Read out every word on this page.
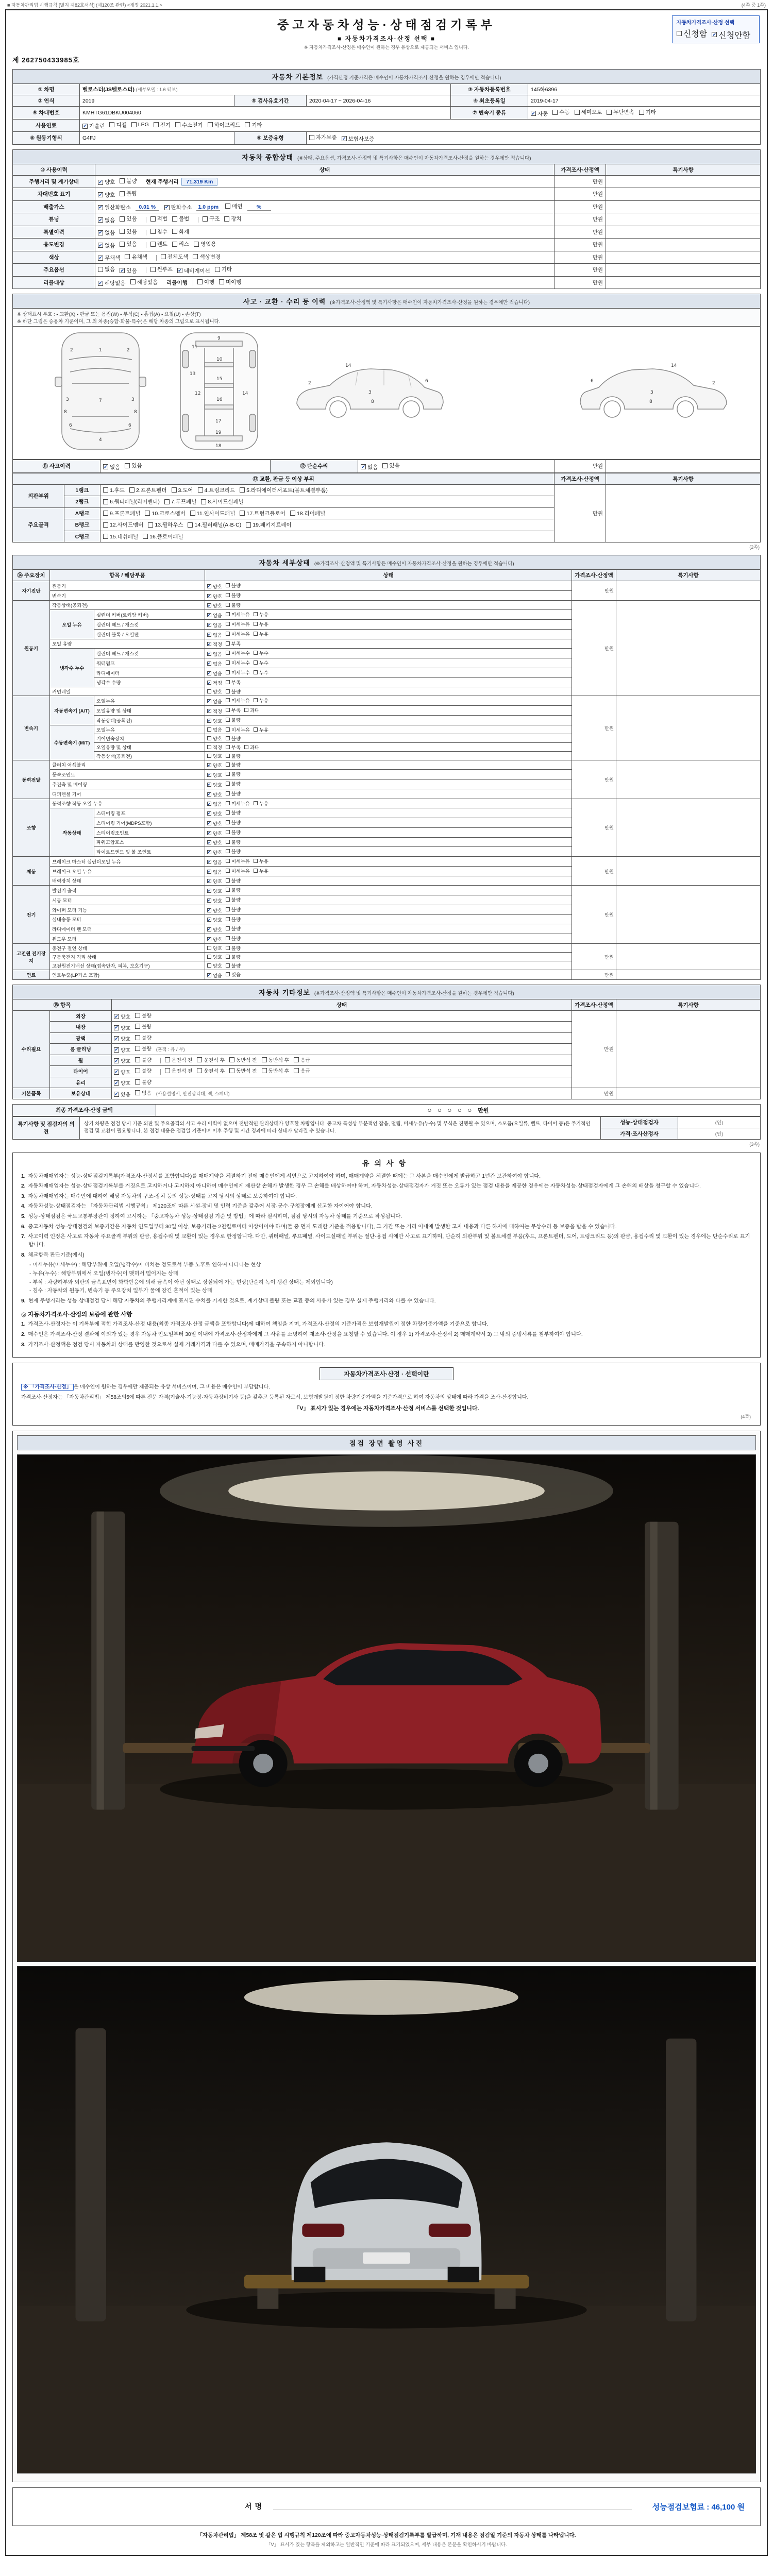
■ 자동차관리법 시행규칙 [별지 제82호서식] (제120조 관련) <개정 2021.1.1.>	(4쪽 중 1쪽)
중고자동차성능·상태점검기록부
■ 자동차가격조사·산정 선택 ■
※ 자동차가격조사·산정은 매수인이 원하는 경우 유상으로 제공되는 서비스 입니다.
자동차가격조사·산정 선택
신청함 ✔ 신청안함
제 262750433985호
자동차 기본정보 (가격산정 기준가격은 매수인이 자동차가격조사·산정을 원하는 경우에만 적습니다)
① 차명	벨로스터(JS벨로스터) (세부모델 : 1.6 터보)			③ 자동차등록번호	145하6396
② 연식	2019	⑤ 검사유효기간	2020-04-17 ~ 2026-04-16	④ 최초등록일	2019-04-17
⑥ 차대번호	KMHTG61DBKU004060	⑦ 변속기 종류	✔ 자동 수동 세미오토 무단변속 기타

사용연료	✔ 가솔린 디젤 LPG 전기 수소전기 하이브리드 기타

⑧ 원동기형식	G4FJ	⑨ 보증유형	자가보증 ✔ 보험사보증		
자동차 종합상태 (※상태, 주요옵션, 가격조사·산정액 및 특기사항은 매수인이 자동차가격조사·산정을 원하는 경우에만 적습니다)
⑩ 사용이력	상태	가격조사·산정액	특기사항
주행거리 및 계기상태	✔ 양호 불량 현재 주행거리 71,319 Km	만원	
차대번호 표기	✔ 양호 불량	만원	
배출가스	✔ 일산화탄소 0.01 % ✔ 탄화수소 1.0 ppm 매연	%	만원	
튜닝	✔ 없음 있음	적법 불법	구조 장치	만원	
특별이력	✔ 없음 있음 침수 화재	만원	
용도변경	✔ 없음 있음	렌트 리스 영업용	만원	
색상	✔ 무채색 유채색 전체도색 색상변경	만원	
주요옵션	없음 ✔ 있음	썬루프 ✔ 네비게이션 기타	만원	
리콜대상	✔ 해당없음 해당있음 리콜이행	이행 미이행	만원	
사고 · 교환 · 수리 등 이력 (※가격조사·산정액 및 특기사항은 매수인이 자동차가격조사·산정을 원하는 경우에만 적습니다)
※ 상태표시 부호 : ▪ 교환(X) ▪ 판금 또는 용접(W) ▪ 부식(C) ▪ 흠집(A) ▪ 요철(U) ▪ 손상(T)
※ 하단 그림은 승용차 기준이며, 그 외 차종(승합·화물·특수)은 해당 차종의 그림으로 표시됩니다.
1
2	2
3	3
7
6	6
4
8	8
9
10
11
12
13
14
15
16
17
18
19
3
14
8
2	6
3
14
8
2
6
⑪ 사고이력	✔ 없음 있음	⑫ 단순수리	✔ 없음 있음	만원	
⑬ 교환, 판금 등 이상 부위			가격조사·산정액	특기사항
외판부위	1랭크	1.후드 2.프론트펜더 3.도어 4.트렁크리드 5.라디에이터서포트(볼트체결부품)	만원	
	2랭크	6.쿼터패널(리어펜더) 7.루프패널 8.사이드실패널		

주요골격	A랭크	9.프론트패널 10.크로스멤버 11.인사이드패널 17.트렁크플로어 18.리어패널		

	B랭크	12.사이드멤버 13.휠하우스 14.필러패널(A·B·C) 19.패키지트레이		

	C랭크	15.대쉬패널 16.플로어패널		
(2쪽)
자동차 세부상태 (※가격조사·산정액 및 특기사항은 매수인이 자동차가격조사·산정을 원하는 경우에만 적습니다)
⑭ 주요장치	항목 / 해당부품		상태	가격조사·산정액	특기사항
자기진단	원동기		✔ 양호 불량	만원	
	변속기		✔ 양호 불량		

원동기	작동상태(공회전)		✔ 양호 불량	만원	
	오일 누유	실린더 커버(로커암 커버)	✔ 없음 미세누유 누유		

		실린더 헤드 / 개스킷	✔ 없음 미세누유 누유		

		실린더 블록 / 오일팬	✔ 없음 미세누유 누유		

	오일 유량		✔ 적정 부족		

	냉각수 누수	실린더 헤드 / 개스킷	✔ 없음 미세누수 누수		

		워터펌프	✔ 없음 미세누수 누수		

		라디에이터	✔ 없음 미세누수 누수		

		냉각수 수량	✔ 적정 부족		

	커먼레일		양호 불량		

변속기	자동변속기 (A/T)	오일누유	✔ 없음 미세누유 누유	만원	
		오일유량 및 상태	✔ 적정 부족 과다		

		작동상태(공회전)	✔ 양호 불량		

	수동변속기 (M/T)	오일누유	없음 미세누유 누유		

		기어변속장치	양호 불량		

		오일유량 및 상태	적정 부족 과다		

		작동상태(공회전)	양호 불량		

동력전달	클러치 어셈블리		✔ 양호 불량	만원	
	등속조인트		✔ 양호 불량		

	추진축 및 베어링		✔ 양호 불량		

	디퍼렌셜 기어		✔ 양호 불량		

조향	동력조향 작동 오일 누유		✔ 없음 미세누유 누유	만원	
	작동상태	스티어링 펌프	✔ 양호 불량		

		스티어링 기어(MDPS포함)	✔ 양호 불량		

		스티어링조인트	✔ 양호 불량		

		파워고압호스	✔ 양호 불량		

		타이로드엔드 및 볼 조인트	✔ 양호 불량		

제동	브레이크 마스터 실린더오일 누유		✔ 없음 미세누유 누유	만원	
	브레이크 오일 누유		✔ 없음 미세누유 누유		

	배력장치 상태		✔ 양호 불량		

전기	발전기 출력		✔ 양호 불량	만원	
	시동 모터		✔ 양호 불량		

	와이퍼 모터 기능		✔ 양호 불량		

	실내송풍 모터		✔ 양호 불량		

	라디에이터 팬 모터		✔ 양호 불량		

	윈도우 모터		✔ 양호 불량		

고전원 전기장치	충전구 절연 상태		양호 불량	만원	
	구동축전지 격리 상태		양호 불량		

	고전원전기배선 상태(접속단자, 피복, 보호기구)		양호 불량		

연료	연료누출(LP가스 포함)		✔ 없음 있음	만원	
자동차 기타정보 (※가격조사·산정액 및 특기사항은 매수인이 자동차가격조사·산정을 원하는 경우에만 적습니다)
⑮ 항목		상태	가격조사·산정액	특기사항
수리필요	외장	✔ 양호 불량	만원	
	내장	✔ 양호 불량		

	광택	✔ 양호 불량		

	룸 클리닝	✔ 양호 불량 (흔적 : 유 / 무)		
휠	✔ 양호 불량	운전석 전 운전석 후 동반석 전 동반석 후 응급

타이어	✔ 양호 불량	운전석 전 운전석 후 동반석 전 동반석 후 응급

	유리	✔ 양호 불량		

기본품목	보유상태	✔ 있음 없음 (사용설명서, 안전삼각대, 잭, 스패너)	만원	
최종 가격조사·산정 금액	○ ○ ○ ○ ○ 만원
특기사항 및 점검자의 의견	상기 차량은 점검 당시 기준 외판 및 주요골격의 사고 수리 이력이 없으며 전반적인 관리상태가 양호한 차량입니다. 중고차 특성상 부분적인 잡음, 떨림, 미세누유(누수) 및 부식은 진행될 수 있으며, 소모품(오일류, 벨트, 타이어 등)은 주기적인 점검 및 교환이 필요합니다. 본 점검 내용은 점검일 기준이며 이후 주행 및 시간 경과에 따라 상태가 달라질 수 있습니다.	성능·상태점검자	(인)
		가격·조사산정자	(인)
(3쪽)
유의사항

1. 자동차매매업자는 성능·상태점검기록부(가격조사·산정서를 포함합니다)를 매매계약을 체결하기 전에 매수인에게 서면으로 고지하여야 하며, 매매계약을 체결한 때에는 그 사본을 매수인에게 발급하고 1년간 보관하여야 합니다.

2. 자동차매매업자는 성능·상태점검기록부를 거짓으로 고지하거나 고지하지 아니하여 매수인에게 재산상 손해가 발생한 경우 그 손해를 배상하여야 하며, 자동차성능·상태점검자가 거짓 또는 오류가 있는 점검 내용을 제공한 경우에는 자동차성능·상태점검자에게 그 손해의 배상을 청구할 수 있습니다.

3. 자동차매매업자는 매수인에 대하여 해당 자동차의 구조·장치 등의 성능·상태를 고지 당시의 상태로 보증하여야 합니다.

4. 자동차성능·상태점검자는 「자동차관리법 시행규칙」 제120조에 따른 시설·장비 및 인력 기준을 갖추어 시장·군수·구청장에게 신고한 자이어야 합니다.

5. 성능·상태점검은 국토교통부장관이 정하여 고시하는 「중고자동차 성능·상태점검 기준 및 방법」에 따라 실시하며, 점검 당시의 자동차 상태를 기준으로 작성됩니다.

6. 중고자동차 성능·상태점검의 보증기간은 자동차 인도일부터 30일 이상, 보증거리는 2천킬로미터 이상이어야 하며(둘 중 먼저 도래한 기준을 적용합니다), 그 기간 또는 거리 이내에 발생한 고지 내용과 다른 하자에 대하여는 무상수리 등 보증을 받을 수 있습니다.

7. 사고이력 인정은 사고로 자동차 주요골격 부위의 판금, 용접수리 및 교환이 있는 경우로 한정합니다. 다만, 쿼터패널, 루프패널, 사이드실패널 부위는 절단·용접 시에만 사고로 표기하며, 단순히 외판부위 및 볼트체결 부품(후드, 프론트펜더, 도어, 트렁크리드 등)의 판금, 용접수리 및 교환이 있는 경우에는 단순수리로 표기합니다.

8. 체크항목 판단기준(예시)

- 미세누유(미세누수) : 해당부위에 오일(냉각수)이 비치는 정도로서 부품 노후로 인하여 나타나는 현상

- 누유(누수) : 해당부위에서 오일(냉각수)이 맺혀서 떨어지는 상태

- 부식 : 차량하부와 외판의 금속표면이 화학반응에 의해 금속이 아닌 상태로 상실되어 가는 현상(단순히 녹이 생긴 상태는 제외합니다)

- 침수 : 자동차의 원동기, 변속기 등 주요장치 일부가 물에 잠긴 흔적이 있는 상태

9. 현재 주행거리는 성능·상태점검 당시 해당 자동차의 주행거리계에 표시된 수치를 기재한 것으로, 계기상태 불량 또는 교환 등의 사유가 있는 경우 실제 주행거리와 다를 수 있습니다.

◎ 자동차가격조사·산정의 보증에 관한 사항

1. 가격조사·산정자는 이 기록부에 적힌 가격조사·산정 내용(최종 가격조사·산정 금액을 포함합니다)에 대하여 책임을 지며, 가격조사·산정의 기준가격은 보험개발원이 정한 차량기준가액을 기준으로 합니다.

2. 매수인은 가격조사·산정 결과에 이의가 있는 경우 자동차 인도일부터 30일 이내에 가격조사·산정자에게 그 사유를 소명하여 재조사·산정을 요청할 수 있습니다. 이 경우 1) 가격조사·산정서 2) 매매계약서 3) 그 밖의 증빙서류를 첨부하여야 합니다.

3. 가격조사·산정액은 점검 당시 자동차의 상태를 반영한 것으로서 실제 거래가격과 다를 수 있으며, 매매가격을 구속하지 아니합니다.

자동차가격조사·산정 · 선택이란

※ 「가격조사·산정」 은 매수인이 원하는 경우에만 제공되는 유상 서비스이며, 그 비용은 매수인이 부담합니다.

가격조사·산정자는 「자동차관리법」 제58조의5에 따른 전문 자격(기술사·기능장·자동차정비기사 등)을 갖추고 등록된 자로서, 보험개발원이 정한 차량기준가액을 기준가격으로 하여 자동차의 상태에 따라 가격을 조사·산정합니다.

「V」 표시가 있는 경우에는 자동차가격조사·산정 서비스를 선택한 것입니다.
(4쪽)
점검 장면 촬영 사진
서명	성능점검보험료 : 46,100 원
「자동차관리법」 제58조 및 같은 법 시행규칙 제120조에 따라 중고자동차성능·상태점검기록부를 발급하며, 기재 내용은 점검일 기준의 자동차 상태를 나타냅니다.
「V」 표시가 있는 항목을 제외하고는 일반적인 기준에 따라 표기되었으며, 세부 내용은 본문을 확인하시기 바랍니다.
